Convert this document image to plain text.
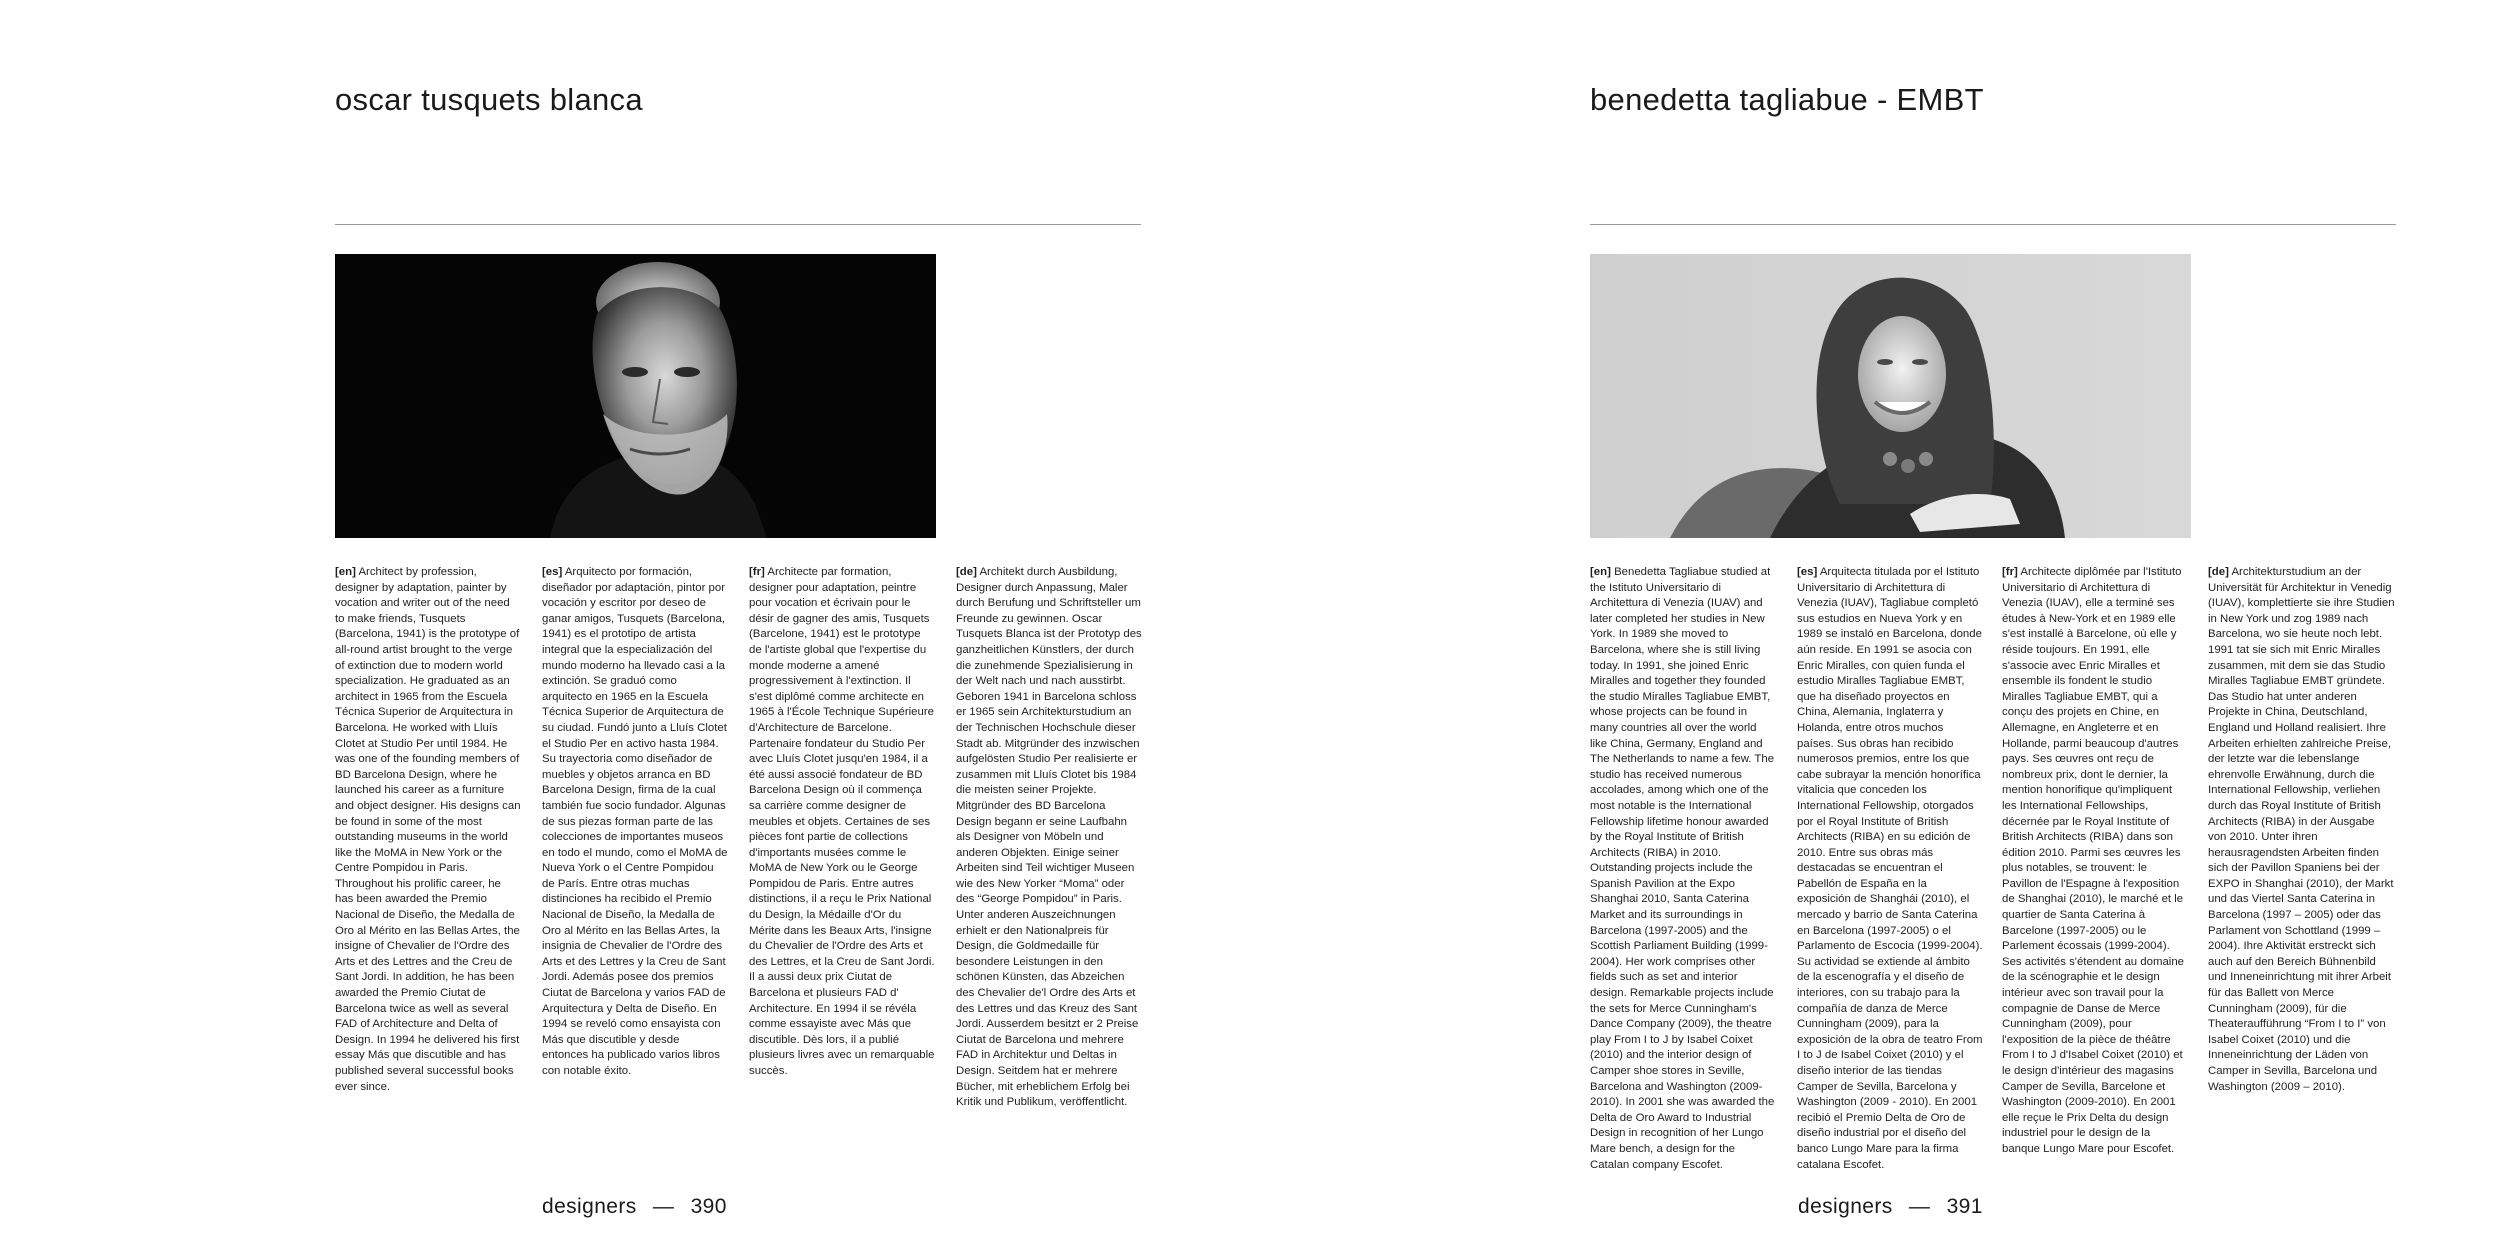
oscar tusquets blanca
[en] Architect by profession, designer by adaptation, painter by vocation and writer out of the need to make friends, Tusquets (Barcelona, 1941) is the prototype of all-round artist brought to the verge of extinction due to modern world specialization. He graduated as an architect in 1965 from the Escuela Técnica Superior de Arquitectura in Barcelona. He worked with Lluís Clotet at Studio Per until 1984. He was one of the founding members of BD Barcelona Design, where he launched his career as a furniture and object designer. His designs can be found in some of the most outstanding museums in the world like the MoMA in New York or the Centre Pompidou in Paris. Throughout his prolific career, he has been awarded the Premio Nacional de Diseño, the Medalla de Oro al Mérito en las Bellas Artes, the insigne of Chevalier de l'Ordre des Arts et des Lettres and the Creu de Sant Jordi. In addition, he has been awarded the Premio Ciutat de Barcelona twice as well as several FAD of Architecture and Delta of Design. In 1994 he delivered his first essay Más que discutible and has published several successful books ever since.
[es] Arquitecto por formación, diseñador por adaptación, pintor por vocación y escritor por deseo de ganar amigos, Tusquets (Barcelona, 1941) es el prototipo de artista integral que la especialización del mundo moderno ha llevado casi a la extinción. Se graduó como arquitecto en 1965 en la Escuela Técnica Superior de Arquitectura de su ciudad. Fundó junto a Lluís Clotet el Studio Per en activo hasta 1984. Su trayectoria como diseñador de muebles y objetos arranca en BD Barcelona Design, firma de la cual también fue socio fundador. Algunas de sus piezas forman parte de las colecciones de importantes museos en todo el mundo, como el MoMA de Nueva York o el Centre Pompidou de París. Entre otras muchas distinciones ha recibido el Premio Nacional de Diseño, la Medalla de Oro al Mérito en las Bellas Artes, la insignia de Chevalier de l'Ordre des Arts et des Lettres y la Creu de Sant Jordi. Además posee dos premios Ciutat de Barcelona y varios FAD de Arquitectura y Delta de Diseño. En 1994 se reveló como ensayista con Más que discutible y desde entonces ha publicado varios libros con notable éxito.
[fr] Architecte par formation, designer pour adaptation, peintre pour vocation et écrivain pour le désir de gagner des amis, Tusquets (Barcelone, 1941) est le prototype de l'artiste global que l'expertise du monde moderne a amené progressivement à l'extinction. Il s'est diplômé comme architecte en 1965 à l'École Technique Supérieure d'Architecture de Barcelone. Partenaire fondateur du Studio Per avec Lluís Clotet jusqu'en 1984, il a été aussi associé fondateur de BD Barcelona Design où il commença sa carrière comme designer de meubles et objets. Certaines de ses pièces font partie de collections d'importants musées comme le MoMA de New York ou le George Pompidou de Paris. Entre autres distinctions, il a reçu le Prix National du Design, la Médaille d'Or du Mérite dans les Beaux Arts, l'insigne du Chevalier de l'Ordre des Arts et des Lettres, et la Creu de Sant Jordi. Il a aussi deux prix Ciutat de Barcelona et plusieurs FAD d' Architecture. En 1994 il se révéla comme essayiste avec Más que discutible. Dès lors, il a publié plusieurs livres avec un remarquable succès.
[de] Architekt durch Ausbildung, Designer durch Anpassung, Maler durch Berufung und Schriftsteller um Freunde zu gewinnen. Oscar Tusquets Blanca ist der Prototyp des ganzheitlichen Künstlers, der durch die zunehmende Spezialisierung in der Welt nach und nach ausstirbt. Geboren 1941 in Barcelona schloss er 1965 sein Architekturstudium an der Technischen Hochschule dieser Stadt ab. Mitgründer des inzwischen aufgelösten Studio Per realisierte er zusammen mit Lluís Clotet bis 1984 die meisten seiner Projekte. Mitgründer des BD Barcelona Design begann er seine Laufbahn als Designer von Möbeln und anderen Objekten. Einige seiner Arbeiten sind Teil wichtiger Museen wie des New Yorker “Moma” oder des “George Pompidou” in Paris. Unter anderen Auszeichnungen erhielt er den Nationalpreis für Design, die Goldmedaille für besondere Leistungen in den schönen Künsten, das Abzeichen des Chevalier de'l Ordre des Arts et des Lettres und das Kreuz des Sant Jordi. Ausserdem besitzt er 2 Preise Ciutat de Barcelona und mehrere FAD in Architektur und Deltas in Design. Seitdem hat er mehrere Bücher, mit erheblichem Erfolg bei Kritik und Publikum, veröffentlicht.
designers — 390
benedetta tagliabue - EMBT
[en] Benedetta Tagliabue studied at the Istituto Universitario di Architettura di Venezia (IUAV) and later completed her studies in New York. In 1989 she moved to Barcelona, where she is still living today. In 1991, she joined Enric Miralles and together they founded the studio Miralles Tagliabue EMBT, whose projects can be found in many countries all over the world like China, Germany, England and The Netherlands to name a few. The studio has received numerous accolades, among which one of the most notable is the International Fellowship lifetime honour awarded by the Royal Institute of British Architects (RIBA) in 2010. Outstanding projects include the Spanish Pavilion at the Expo Shanghai 2010, Santa Caterina Market and its surroundings in Barcelona (1997-2005) and the Scottish Parliament Building (1999-2004). Her work comprises other fields such as set and interior design. Remarkable projects include the sets for Merce Cunningham's Dance Company (2009), the theatre play From I to J by Isabel Coixet (2010) and the interior design of Camper shoe stores in Seville, Barcelona and Washington (2009-2010). In 2001 she was awarded the Delta de Oro Award to Industrial Design in recognition of her Lungo Mare bench, a design for the Catalan company Escofet.
[es] Arquitecta titulada por el Istituto Universitario di Architettura di Venezia (IUAV), Tagliabue completó sus estudios en Nueva York y en 1989 se instaló en Barcelona, donde aún reside. En 1991 se asocia con Enric Miralles, con quien funda el estudio Miralles Tagliabue EMBT, que ha diseñado proyectos en China, Alemania, Inglaterra y Holanda, entre otros muchos países. Sus obras han recibido numerosos premios, entre los que cabe subrayar la mención honorífica vitalicia que conceden los International Fellowship, otorgados por el Royal Institute of British Architects (RIBA) en su edición de 2010. Entre sus obras más destacadas se encuentran el Pabellón de España en la exposición de Shanghái (2010), el mercado y barrio de Santa Caterina en Barcelona (1997-2005) o el Parlamento de Escocia (1999-2004). Su actividad se extiende al ámbito de la escenografía y el diseño de interiores, con su trabajo para la compañía de danza de Merce Cunningham (2009), para la exposición de la obra de teatro From I to J de Isabel Coixet (2010) y el diseño interior de las tiendas Camper de Sevilla, Barcelona y Washington (2009 - 2010). En 2001 recibió el Premio Delta de Oro de diseño industrial por el diseño del banco Lungo Mare para la firma catalana Escofet.
[fr] Architecte diplômée par l'Istituto Universitario di Architettura di Venezia (IUAV), elle a terminé ses études à New-York et en 1989 elle s'est installé à Barcelone, où elle y réside toujours. En 1991, elle s'associe avec Enric Miralles et ensemble ils fondent le studio Miralles Tagliabue EMBT, qui a conçu des projets en Chine, en Allemagne, en Angleterre et en Hollande, parmi beaucoup d'autres pays. Ses œuvres ont reçu de nombreux prix, dont le dernier, la mention honorifique qu'impliquent les International Fellowships, décernée par le Royal Institute of British Architects (RIBA) dans son édition 2010. Parmi ses œuvres les plus notables, se trouvent: le Pavillon de l'Espagne à l'exposition de Shanghai (2010), le marché et le quartier de Santa Caterina à Barcelone (1997-2005) ou le Parlement écossais (1999-2004). Ses activités s'étendent au domaine de la scénographie et le design intérieur avec son travail pour la compagnie de Danse de Merce Cunningham (2009), pour l'exposition de la pièce de théâtre From I to J d'Isabel Coixet (2010) et le design d'intérieur des magasins Camper de Sevilla, Barcelone et Washington (2009-2010). En 2001 elle reçue le Prix Delta du design industriel pour le design de la banque Lungo Mare pour Escofet.
[de] Architekturstudium an der Universität für Architektur in Venedig (IUAV), komplettierte sie ihre Studien in New York und zog 1989 nach Barcelona, wo sie heute noch lebt. 1991 tat sie sich mit Enric Miralles zusammen, mit dem sie das Studio Miralles Tagliabue EMBT gründete. Das Studio hat unter anderen Projekte in China, Deutschland, England und Holland realisiert. Ihre Arbeiten erhielten zahlreiche Preise, der letzte war die lebenslange ehrenvolle Erwähnung, durch die International Fellowship, verliehen durch das Royal Institute of British Architects (RIBA) in der Ausgabe von 2010. Unter ihren herausragendsten Arbeiten finden sich der Pavillon Spaniens bei der EXPO in Shanghai (2010), der Markt und das Viertel Santa Caterina in Barcelona (1997 – 2005) oder das Parlament von Schottland (1999 – 2004). Ihre Aktivität erstreckt sich auch auf den Bereich Bühnenbild und Inneneinrichtung mit ihrer Arbeit für das Ballett von Merce Cunningham (2009), für die Theateraufführung “From I to I” von Isabel Coixet (2010) und die Inneneinrichtung der Läden von Camper in Sevilla, Barcelona und Washington (2009 – 2010).
designers — 391
